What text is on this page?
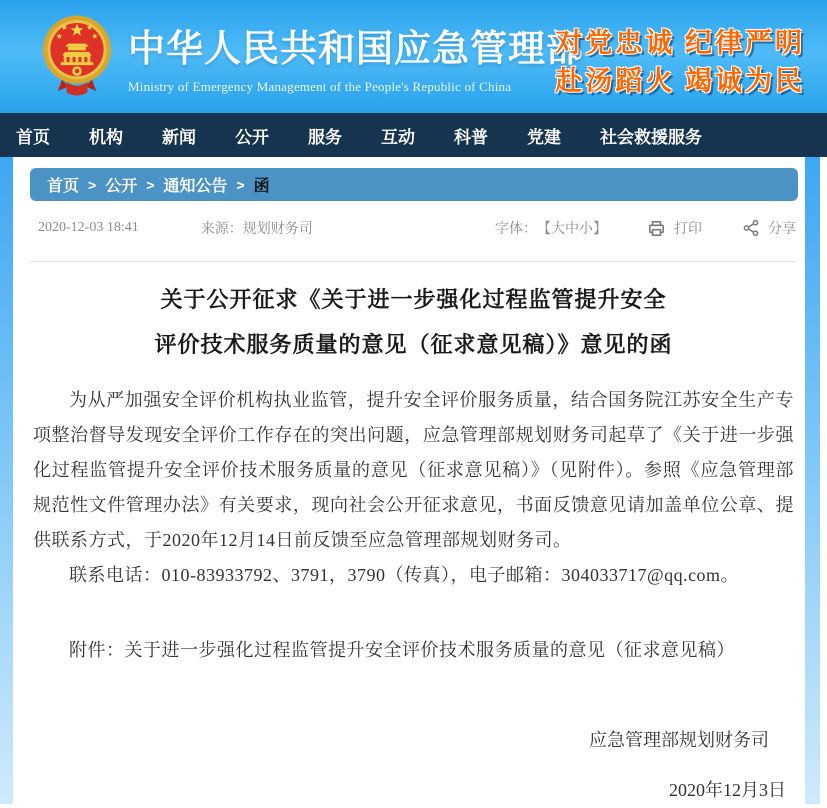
中华人民共和国应急管理部
Ministry of Emergency Management of the People's Republic of China
对党忠诚 纪律严明
赴汤蹈火 竭诚为民
首页 机构 新闻 公开 服务 互动 科普 党建 社会救援服务
首页 > 公开 > 通知公告 > 函
2020-12-03 18:41	来源：规划财务司	字体： 【大中小】	打印	分享
关于公开征求《关于进一步强化过程监管提升安全
评价技术服务质量的意见（征求意见稿）》意见的函

为从严加强安全评价机构执业监管，提升安全评价服务质量，结合国务院江苏安全生产专项整治督导发现安全评价工作存在的突出问题，应急管理部规划财务司起草了《关于进一步强化过程监管提升安全评价技术服务质量的意见（征求意见稿）》（见附件）。参照《应急管理部规范性文件管理办法》有关要求，现向社会公开征求意见，书面反馈意见请加盖单位公章、提供联系方式，于2020年12月14日前反馈至应急管理部规划财务司。

联系电话：010-83933792、3791，3790（传真），电子邮箱：304033717@qq.com。

附件：关于进一步强化过程监管提升安全评价技术服务质量的意见（征求意见稿）

应急管理部规划财务司
2020年12月3日
